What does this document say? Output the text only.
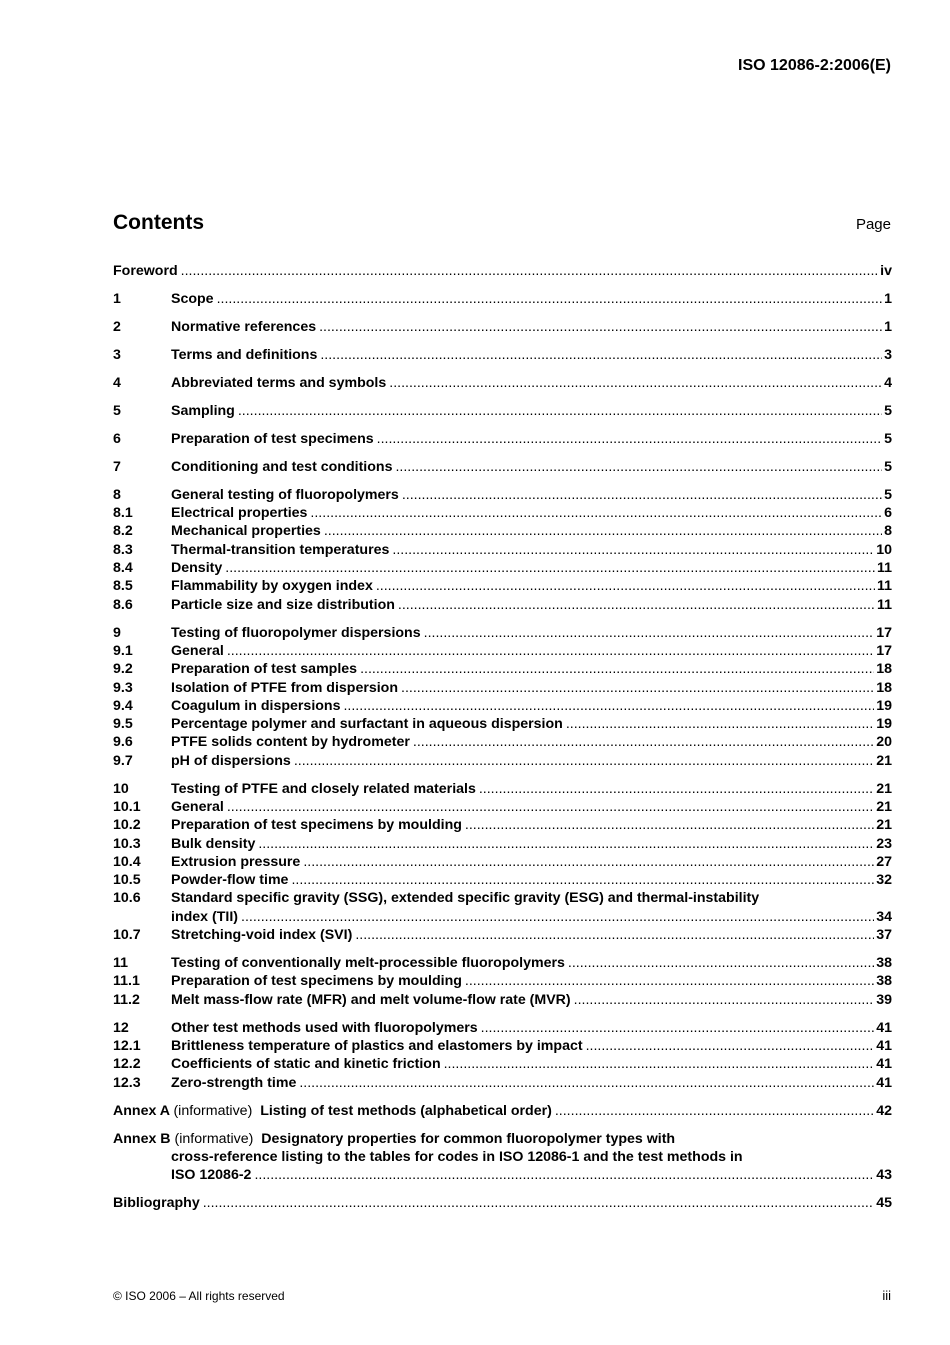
ISO 12086-2:2006(E)
Contents	Page
Foreword .....	iv
1	Scope .....	1
2	Normative references .....	1
3	Terms and definitions .....	3
4	Abbreviated terms and symbols .....	4
5	Sampling .....	5
6	Preparation of test specimens .....	5
7	Conditioning and test conditions .....	5
8	General testing of fluoropolymers .....	5
8.1	Electrical properties .....	6
8.2	Mechanical properties .....	8
8.3	Thermal-transition temperatures .....	10
8.4	Density .....	11
8.5	Flammability by oxygen index .....	11
8.6	Particle size and size distribution .....	11
9	Testing of fluoropolymer dispersions .....	17
9.1	General .....	17
9.2	Preparation of test samples .....	18
9.3	Isolation of PTFE from dispersion .....	18
9.4	Coagulum in dispersions .....	19
9.5	Percentage polymer and surfactant in aqueous dispersion .....	19
9.6	PTFE solids content by hydrometer .....	20
9.7	pH of dispersions .....	21
10	Testing of PTFE and closely related materials .....	21
10.1	General .....	21
10.2	Preparation of test specimens by moulding .....	21
10.3	Bulk density .....	23
10.4	Extrusion pressure .....	27
10.5	Powder-flow time .....	32
10.6	Standard specific gravity (SSG), extended specific gravity (ESG) and thermal-instability
index (TII) .....	34
10.7	Stretching-void index (SVI) .....	37
11	Testing of conventionally melt-processible fluoropolymers .....	38
11.1	Preparation of test specimens by moulding .....	38
11.2	Melt mass-flow rate (MFR) and melt volume-flow rate (MVR) .....	39
12	Other test methods used with fluoropolymers .....	41
12.1	Brittleness temperature of plastics and elastomers by impact .....	41
12.2	Coefficients of static and kinetic friction .....	41
12.3	Zero-strength time .....	41
Annex A (informative) Listing of test methods (alphabetical order) .....	42
Annex B
(informative)
Designatory properties for common fluoropolymer types with
cross-reference listing to the tables for codes in ISO 12086-1 and the test methods in
ISO 12086-2 .....	43
Bibliography .....	45
© ISO 2006 – All rights reserved	iii
